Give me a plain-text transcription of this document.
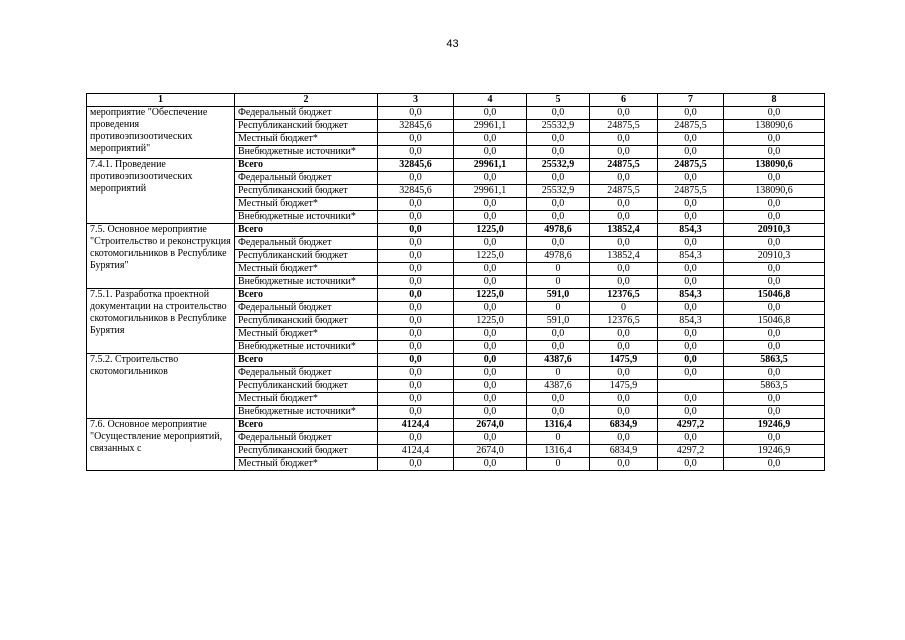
43
1	2	3	4	5	6	7	8
мероприятие "Обеспечение проведения противоэпизоотических мероприятий"	Федеральный бюджет	0,0	0,0	0,0	0,0	0,0	0,0
	Республиканский бюджет	32845,6	29961,1	25532,9	24875,5	24875,5	138090,6
	Местный бюджет*	0,0	0,0	0,0	0,0	0,0	0,0
	Внебюджетные источники*	0,0	0,0	0,0	0,0	0,0	0,0
7.4.1. Проведение противоэпизоотических мероприятий	Всего	32845,6	29961,1	25532,9	24875,5	24875,5	138090,6
	Федеральный бюджет	0,0	0,0	0,0	0,0	0,0	0,0
	Республиканский бюджет	32845,6	29961,1	25532,9	24875,5	24875,5	138090,6
	Местный бюджет*	0,0	0,0	0,0	0,0	0,0	0,0
	Внебюджетные источники*	0,0	0,0	0,0	0,0	0,0	0,0
7.5. Основное мероприятие "Строительство и реконструкция скотомогильников в Республике Бурятия"	Всего	0,0	1225,0	4978,6	13852,4	854,3	20910,3
	Федеральный бюджет	0,0	0,0	0,0	0,0	0,0	0,0
	Республиканский бюджет	0,0	1225,0	4978,6	13852,4	854,3	20910,3
	Местный бюджет*	0,0	0,0	0	0,0	0,0	0,0
	Внебюджетные источники*	0,0	0,0	0	0,0	0,0	0,0
7.5.1. Разработка проектной документации на строительство скотомогильников в Республике Бурятия	Всего	0,0	1225,0	591,0	12376,5	854,3	15046,8
	Федеральный бюджет	0,0	0,0	0	0	0,0	0,0
	Республиканский бюджет	0,0	1225,0	591,0	12376,5	854,3	15046,8
	Местный бюджет*	0,0	0,0	0,0	0,0	0,0	0,0
	Внебюджетные источники*	0,0	0,0	0,0	0,0	0,0	0,0
7.5.2. Строительство скотомогильников	Всего	0,0	0,0	4387,6	1475,9	0,0	5863,5
	Федеральный бюджет	0,0	0,0	0	0,0	0,0	0,0
	Республиканский бюджет	0,0	0,0	4387,6	1475,9		5863,5
	Местный бюджет*	0,0	0,0	0,0	0,0	0,0	0,0
	Внебюджетные источники*	0,0	0,0	0,0	0,0	0,0	0,0
7.6. Основное мероприятие "Осуществление мероприятий, связанных с	Всего	4124,4	2674,0	1316,4	6834,9	4297,2	19246,9
	Федеральный бюджет	0,0	0,0	0	0,0	0,0	0,0
	Республиканский бюджет	4124,4	2674,0	1316,4	6834,9	4297,2	19246,9
	Местный бюджет*	0,0	0,0	0	0,0	0,0	0,0
